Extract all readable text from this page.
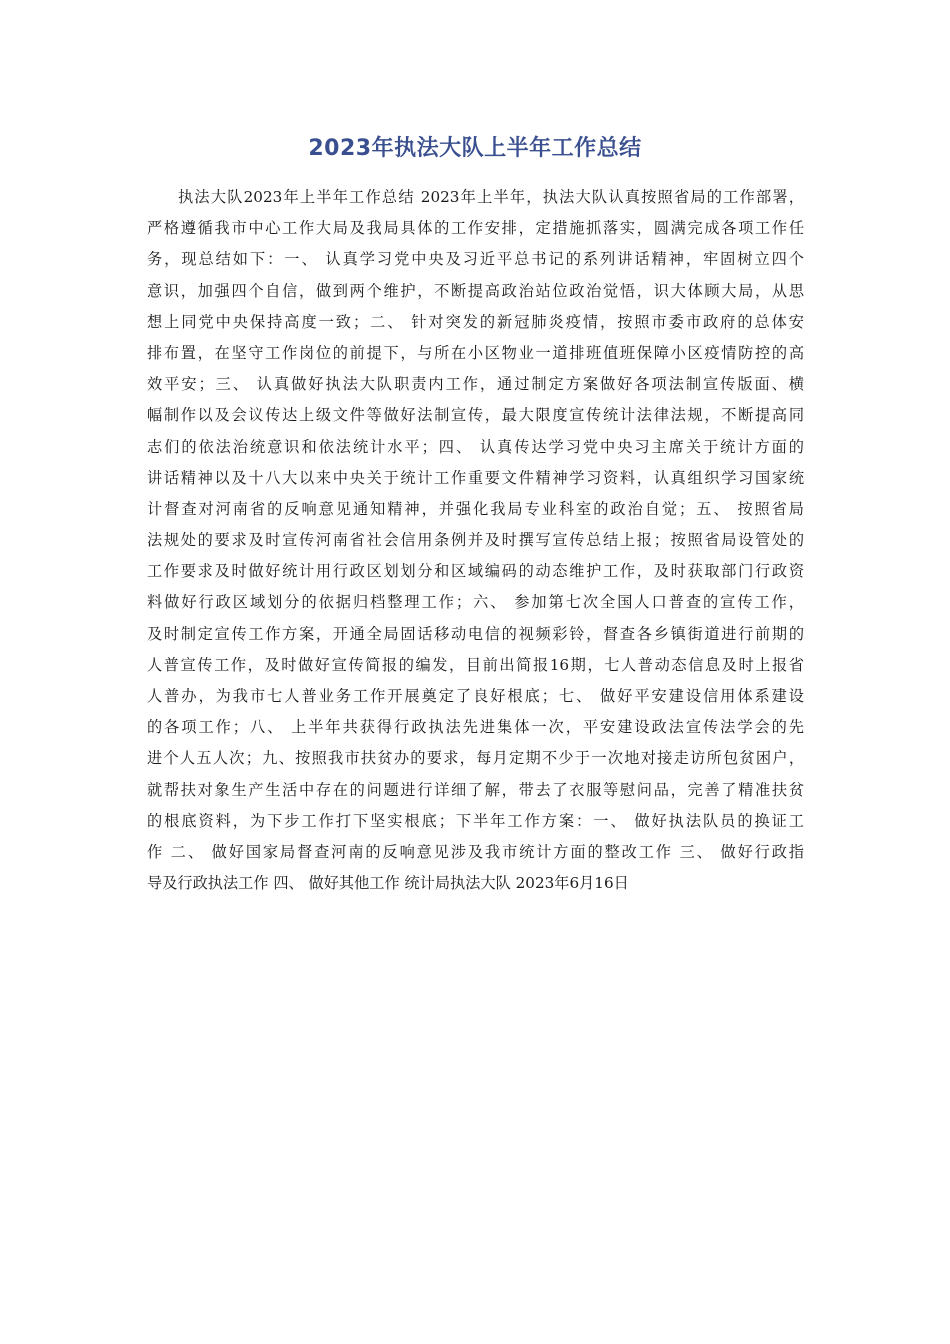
2023年执法大队上半年工作总结
执法大队2023年上半年工作总结 2023年上半年，执法大队认真按照省局的工作部署，
严格遵循我市中心工作大局及我局具体的工作安排，定措施抓落实，圆满完成各项工作任
务，现总结如下：一、 认真学习党中央及习近平总书记的系列讲话精神，牢固树立四个
意识，加强四个自信，做到两个维护，不断提高政治站位政治觉悟，识大体顾大局，从思
想上同党中央保持高度一致；二、 针对突发的新冠肺炎疫情，按照市委市政府的总体安
排布置，在坚守工作岗位的前提下，与所在小区物业一道排班值班保障小区疫情防控的高
效平安；三、 认真做好执法大队职责内工作，通过制定方案做好各项法制宣传版面、横
幅制作以及会议传达上级文件等做好法制宣传，最大限度宣传统计法律法规，不断提高同
志们的依法治统意识和依法统计水平；四、 认真传达学习党中央习主席关于统计方面的
讲话精神以及十八大以来中央关于统计工作重要文件精神学习资料，认真组织学习国家统
计督查对河南省的反响意见通知精神，并强化我局专业科室的政治自觉；五、 按照省局
法规处的要求及时宣传河南省社会信用条例并及时撰写宣传总结上报；按照省局设管处的
工作要求及时做好统计用行政区划划分和区域编码的动态维护工作，及时获取部门行政资
料做好行政区域划分的依据归档整理工作；六、 参加第七次全国人口普查的宣传工作，
及时制定宣传工作方案，开通全局固话移动电信的视频彩铃，督查各乡镇街道进行前期的
人普宣传工作，及时做好宣传简报的编发，目前出简报16期，七人普动态信息及时上报省
人普办，为我市七人普业务工作开展奠定了良好根底；七、 做好平安建设信用体系建设
的各项工作；八、 上半年共获得行政执法先进集体一次，平安建设政法宣传法学会的先
进个人五人次；九、按照我市扶贫办的要求，每月定期不少于一次地对接走访所包贫困户，
就帮扶对象生产生活中存在的问题进行详细了解，带去了衣服等慰问品，完善了精准扶贫
的根底资料，为下步工作打下坚实根底；下半年工作方案：一、 做好执法队员的换证工
作 二、 做好国家局督查河南的反响意见涉及我市统计方面的整改工作 三、 做好行政指
导及行政执法工作 四、 做好其他工作 统计局执法大队 2023年6月16日
